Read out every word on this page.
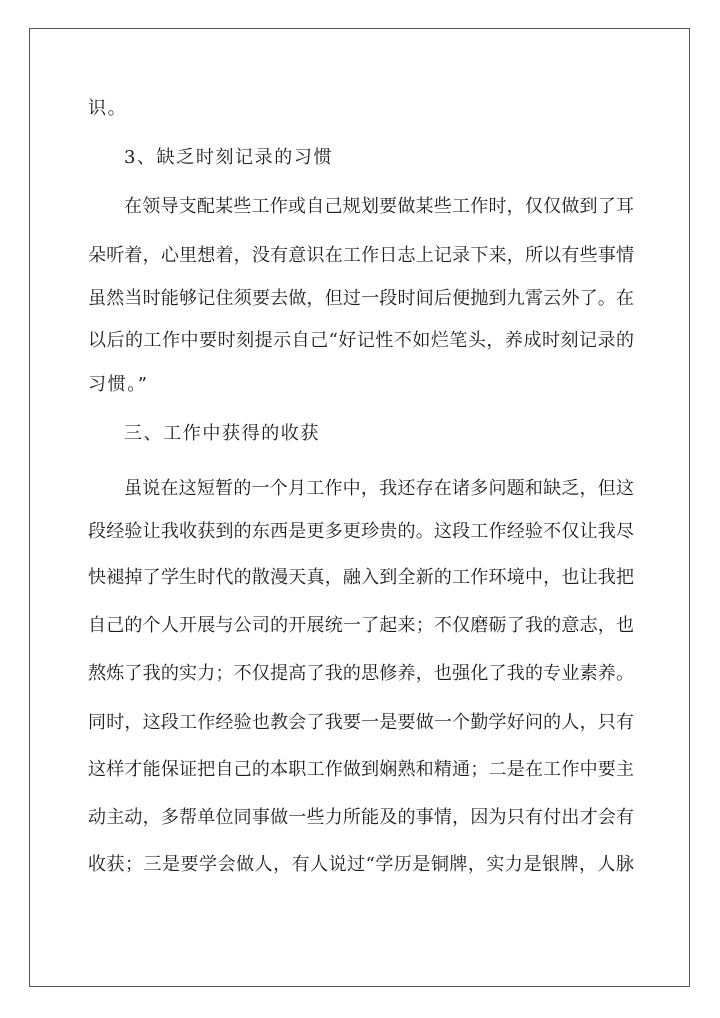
识。
3、缺乏时刻记录的习惯
在领导支配某些工作或自己规划要做某些工作时，仅仅做到了耳
朵听着，心里想着，没有意识在工作日志上记录下来，所以有些事情
虽然当时能够记住须要去做，但过一段时间后便抛到九霄云外了。在
以后的工作中要时刻提示自己“好记性不如烂笔头，养成时刻记录的
习惯。”
三、工作中获得的收获
虽说在这短暂的一个月工作中，我还存在诸多问题和缺乏，但这
段经验让我收获到的东西是更多更珍贵的。这段工作经验不仅让我尽
快褪掉了学生时代的散漫天真，融入到全新的工作环境中，也让我把
自己的个人开展与公司的开展统一了起来；不仅磨砺了我的意志，也
熬炼了我的实力；不仅提高了我的思修养，也强化了我的专业素养。
同时，这段工作经验也教会了我要一是要做一个勤学好问的人，只有
这样才能保证把自己的本职工作做到娴熟和精通；二是在工作中要主
动主动，多帮单位同事做一些力所能及的事情，因为只有付出才会有
收获；三是要学会做人，有人说过“学历是铜牌，实力是银牌，人脉
